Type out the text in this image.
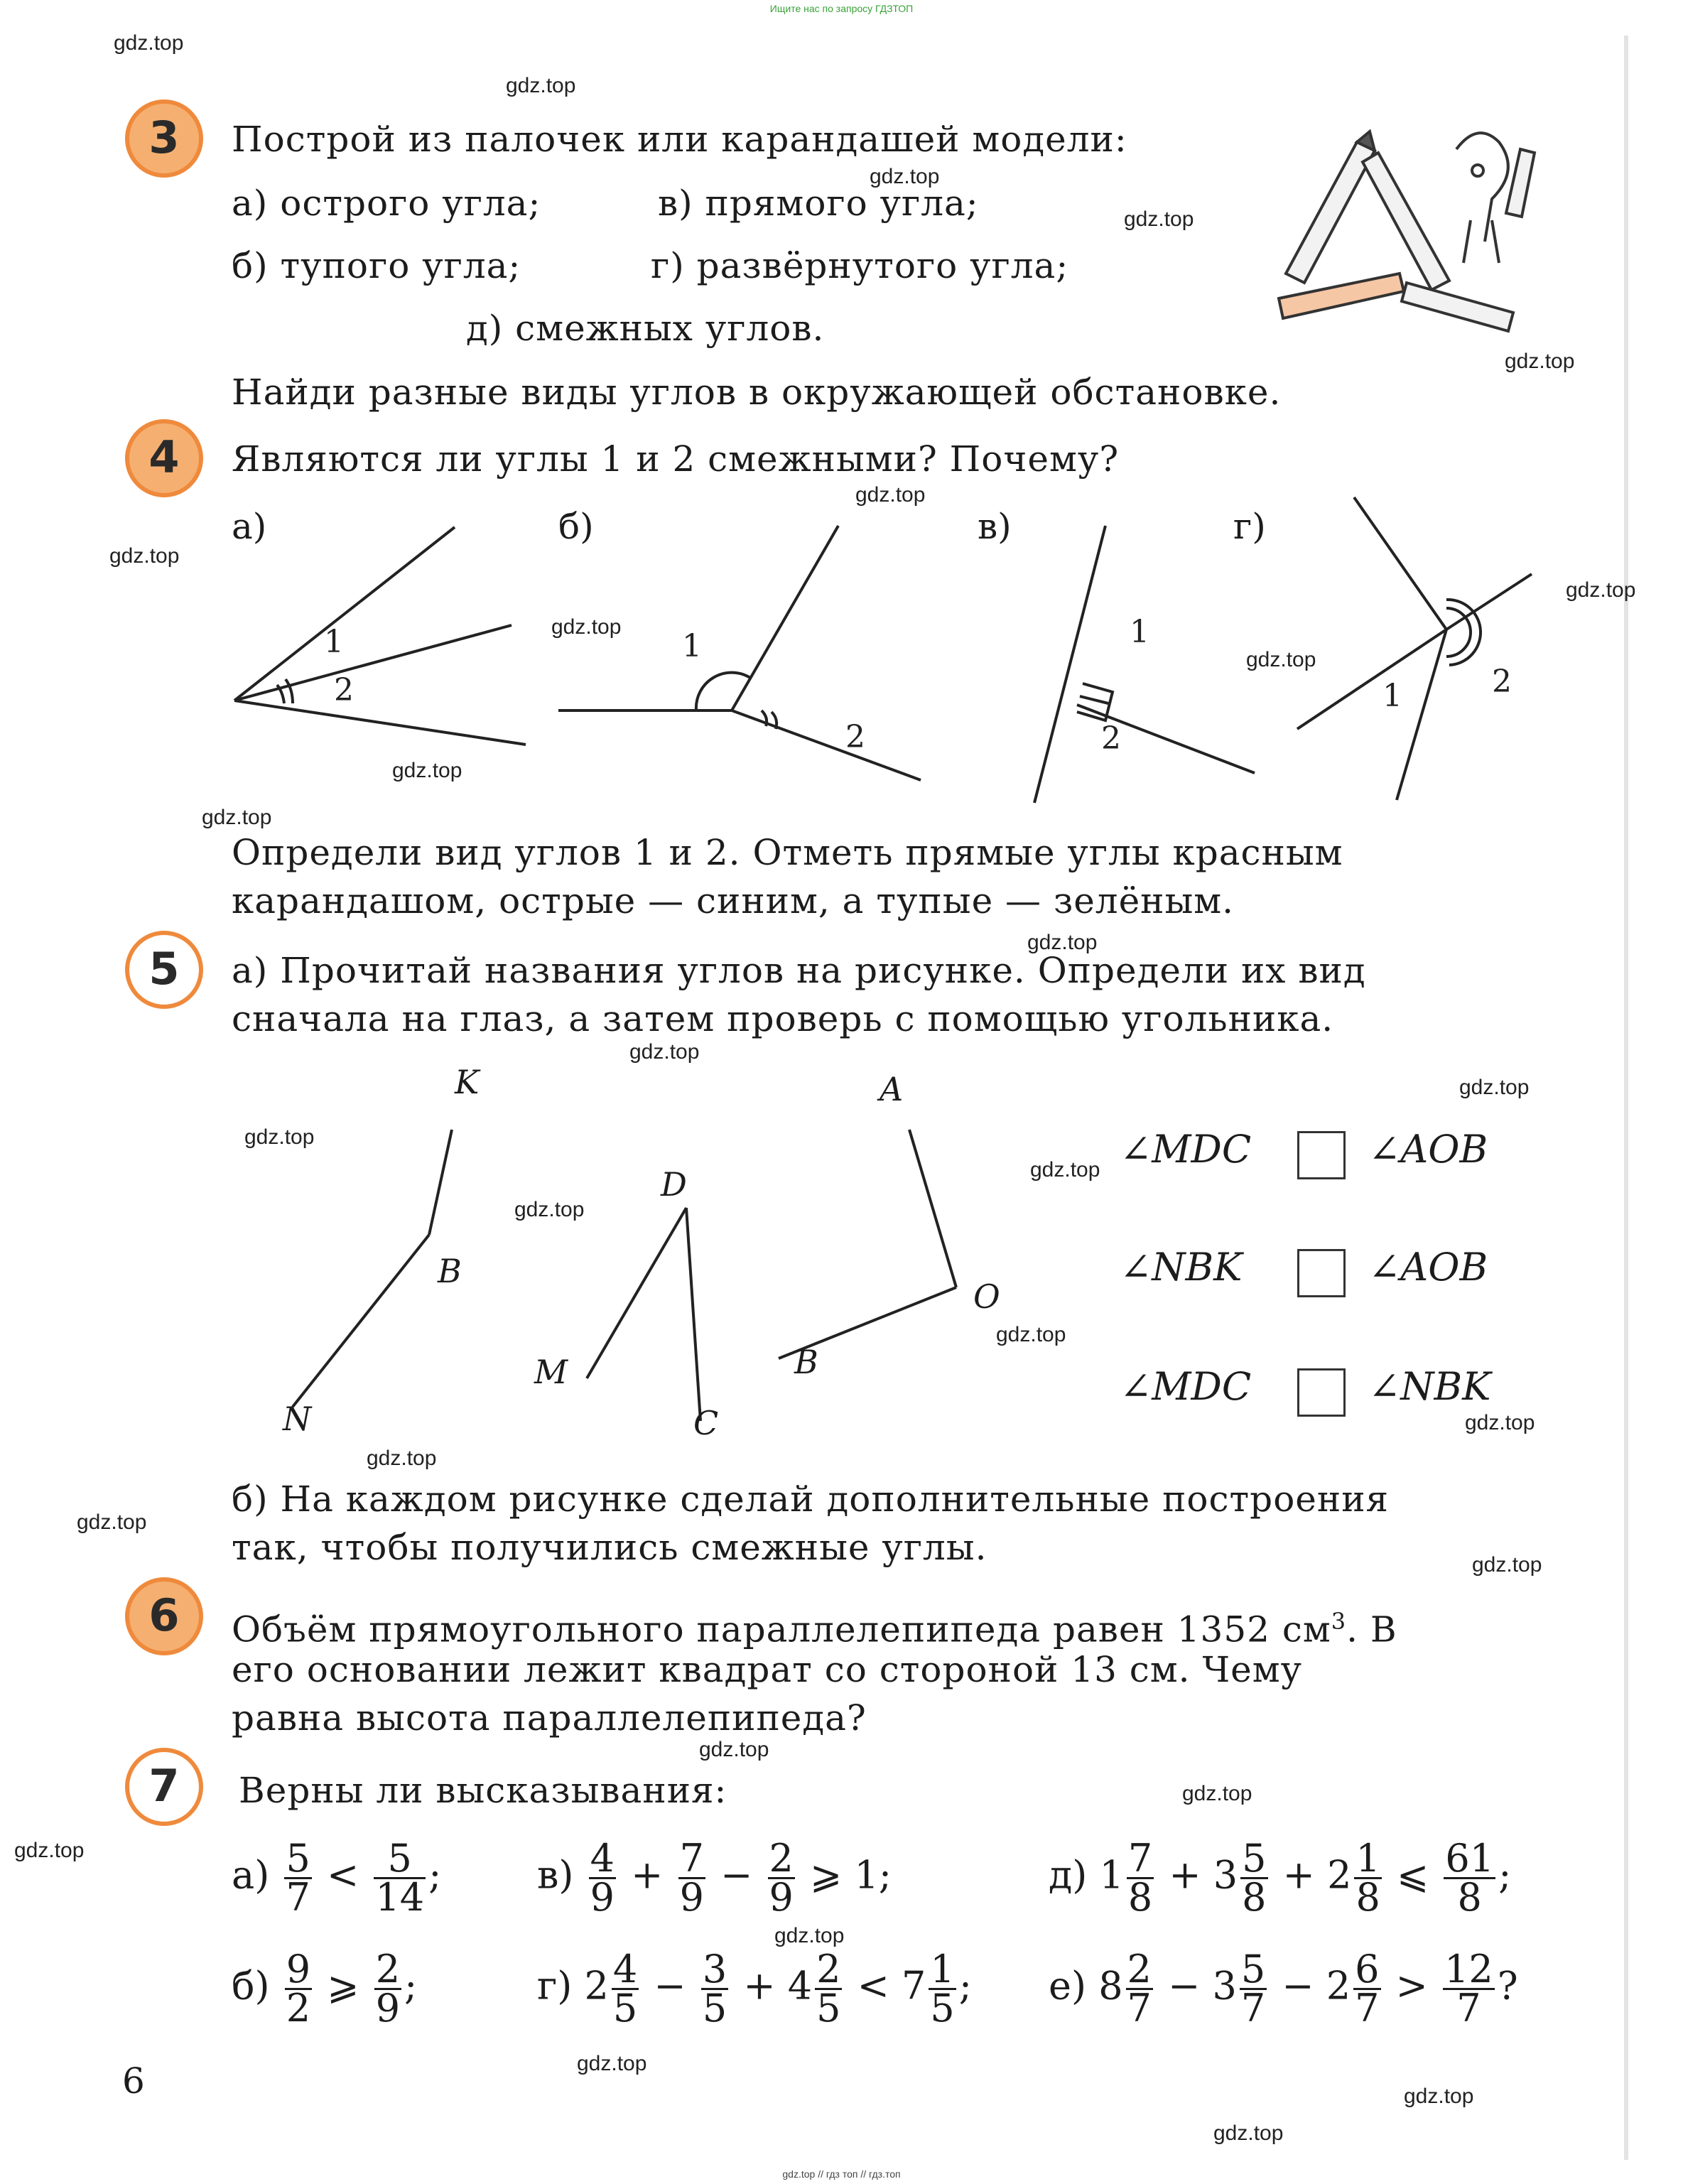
Ищите нас по запросу ГДЗТОП
3	Построй из палочек или карандашей модели:
а) острого угла;	в) прямого угла;
б) тупого угла;	г) развёрнутого угла;
д) смежных углов.
Найди разные виды углов в окружающей обстановке.
4	Являются ли углы 1 и 2 смежными? Почему?
а)	б)	в)	г)
1
2
1
2
1
2
1	2
Определи вид углов 1 и 2. Отметь прямые углы красным
карандашом, острые — синим, а тупые — зелёным.
5	а) Прочитай названия углов на рисунке. Определи их вид
сначала на глаз, а затем проверь с помощью угольника.
K
B
N
D
M
C
A
O
B
∠MDC	∠AOB
∠NBK	∠AOB
∠MDC	∠NBK
б) На каждом рисунке сделай дополнительные построения
так, чтобы получились смежные углы.
6	Объём прямоугольного параллелепипеда равен 1352 $см^3$. В
его основании лежит квадрат со стороной 13 см. Чему
равна высота параллелепипеда?
7	Верны ли высказывания:
$а) \frac{5}{7} < \frac{5}{14}$ ; $в) \frac{4}{9} + \frac{7}{9} - \frac{2}{9}$ ⩾ 1;	д) $1 \frac{7}{8} + 3 \frac{5}{8} + 2 \frac{1}{8}$ ⩽ $\frac{61}{8}$ ;
$б) \frac{9}{2}$ ⩾ $\frac{2}{9}$ ;	г) $2 \frac{4}{5} - \frac{3}{5} + 4 \frac{2}{5} < 7 \frac{1}{5}$ ; е) $8 \frac{2}{7} - 3 \frac{5}{7} - 2 \frac{6}{7} > \frac{12}{7}$ ?
6
gdz.top // гдз топ // гдз.топ
gdz.top
gdz.top
gdz.top
gdz.top
gdz.top
gdz.top
gdz.top
gdz.top
gdz.top
gdz.top
gdz.top
gdz.top
gdz.top
gdz.top
gdz.top
gdz.top
gdz.top
gdz.top
gdz.top
gdz.top
gdz.top
gdz.top
gdz.top
gdz.top
gdz.top
gdz.top
gdz.top
gdz.top
gdz.top
gdz.top
